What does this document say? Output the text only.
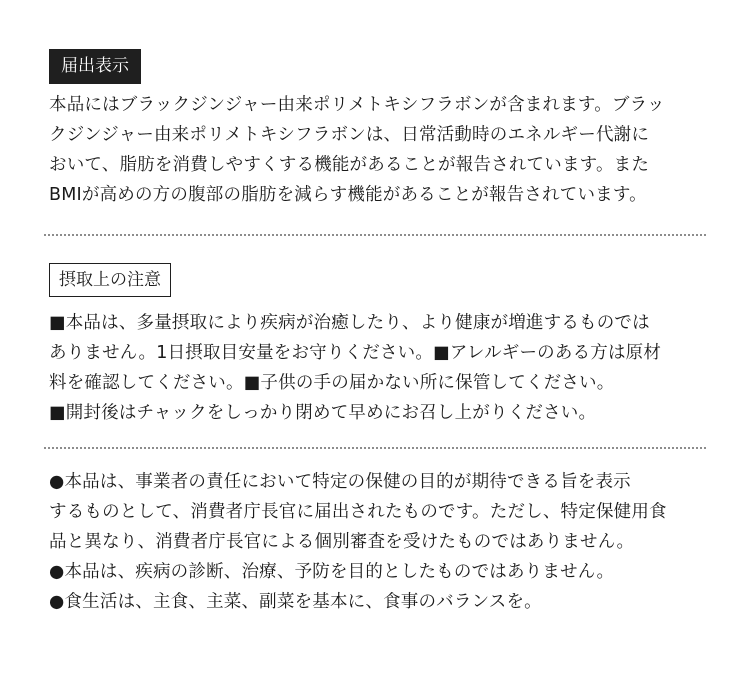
届出表示

本品にはブラックジンジャー由来ポリメトキシフラボンが含まれます。ブラッ
クジンジャー由来ポリメトキシフラボンは、日常活動時のエネルギー代謝に
おいて、脂肪を消費しやすくする機能があることが報告されています。また
BMIが高めの方の腹部の脂肪を減らす機能があることが報告されています。

摂取上の注意

■本品は、多量摂取により疾病が治癒したり、より健康が増進するものでは
ありません。1日摂取目安量をお守りください。■アレルギーのある方は原材
料を確認してください。■子供の手の届かない所に保管してください。
■開封後はチャックをしっかり閉めて早めにお召し上がりください。

●本品は、事業者の責任において特定の保健の目的が期待できる旨を表示
するものとして、消費者庁長官に届出されたものです。ただし、特定保健用食
品と異なり、消費者庁長官による個別審査を受けたものではありません。
●本品は、疾病の診断、治療、予防を目的としたものではありません。
●食生活は、主食、主菜、副菜を基本に、食事のバランスを。
